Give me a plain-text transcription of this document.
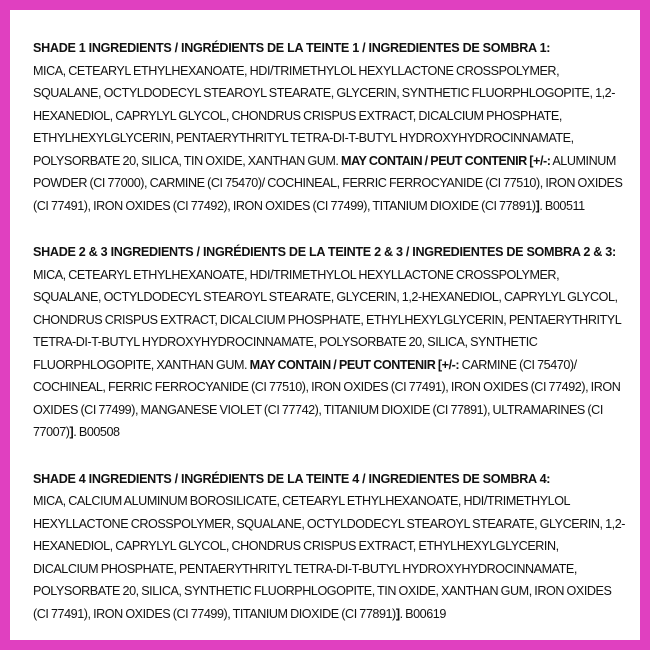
SHADE 1 INGREDIENTS / INGRÉDIENTS DE LA TEINTE 1 / INGREDIENTES DE SOMBRA 1:
MICA, CETEARYL ETHYLHEXANOATE, HDI/TRIMETHYLOL HEXYLLACTONE CROSSPOLYMER, SQUALANE, OCTYLDODECYL STEAROYL STEARATE, GLYCERIN, SYNTHETIC FLUORPHLOGOPITE, 1,2-HEXANEDIOL, CAPRYLYL GLYCOL, CHONDRUS CRISPUS EXTRACT, DICALCIUM PHOSPHATE, ETHYLHEXYLGLYCERIN, PENTAERYTHRITYL TETRA-DI-T-BUTYL HYDROXYHYDROCINNAMATE, POLYSORBATE 20, SILICA, TIN OXIDE, XANTHAN GUM. MAY CONTAIN / PEUT CONTENIR [+/-: ALUMINUM POWDER (CI 77000), CARMINE (CI 75470)/ COCHINEAL, FERRIC FERROCYANIDE (CI 77510), IRON OXIDES (CI 77491), IRON OXIDES (CI 77492), IRON OXIDES (CI 77499), TITANIUM DIOXIDE (CI 77891)]. B00511
SHADE 2 & 3 INGREDIENTS / INGRÉDIENTS DE LA TEINTE 2 & 3 / INGREDIENTES DE SOMBRA 2 & 3:
MICA, CETEARYL ETHYLHEXANOATE, HDI/TRIMETHYLOL HEXYLLACTONE CROSSPOLYMER, SQUALANE, OCTYLDODECYL STEAROYL STEARATE, GLYCERIN, 1,2-HEXANEDIOL, CAPRYLYL GLYCOL, CHONDRUS CRISPUS EXTRACT, DICALCIUM PHOSPHATE, ETHYLHEXYLGLYCERIN, PENTAERYTHRITYL TETRA-DI-T-BUTYL HYDROXYHYDROCINNAMATE, POLYSORBATE 20, SILICA, SYNTHETIC FLUORPHLOGOPITE, XANTHAN GUM. MAY CONTAIN / PEUT CONTENIR [+/-: CARMINE (CI 75470)/ COCHINEAL, FERRIC FERROCYANIDE (CI 77510), IRON OXIDES (CI 77491), IRON OXIDES (CI 77492), IRON OXIDES (CI 77499), MANGANESE VIOLET (CI 77742), TITANIUM DIOXIDE (CI 77891), ULTRAMARINES (CI 77007)]. B00508
SHADE 4 INGREDIENTS / INGRÉDIENTS DE LA TEINTE 4 / INGREDIENTES DE SOMBRA 4:
MICA, CALCIUM ALUMINUM BOROSILICATE, CETEARYL ETHYLHEXANOATE, HDI/TRIMETHYLOL HEXYLLACTONE CROSSPOLYMER, SQUALANE, OCTYLDODECYL STEAROYL STEARATE, GLYCERIN, 1,2-HEXANEDIOL, CAPRYLYL GLYCOL, CHONDRUS CRISPUS EXTRACT, ETHYLHEXYLGLYCERIN, DICALCIUM PHOSPHATE, PENTAERYTHRITYL TETRA-DI-T-BUTYL HYDROXYHYDROCINNAMATE, POLYSORBATE 20, SILICA, SYNTHETIC FLUORPHLOGOPITE, TIN OXIDE, XANTHAN GUM, IRON OXIDES (CI 77491), IRON OXIDES (CI 77499), TITANIUM DIOXIDE (CI 77891)]. B00619
